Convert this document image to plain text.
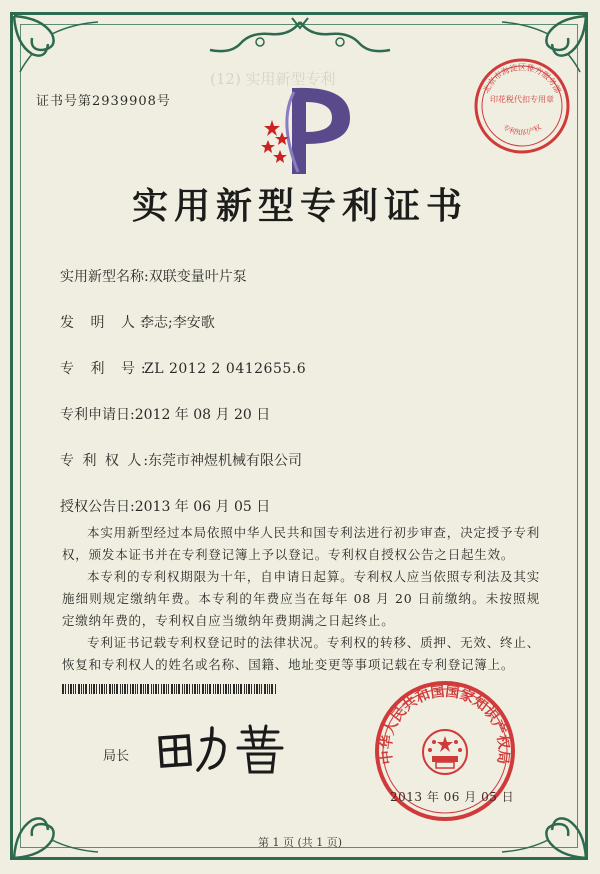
(12) 实用新型专利
证书号第2939908号
北京市海淀区雅方服务部
印花税代扣专用章
专利知识产权
实用新型专利证书
实用新型名称:双联变量叶片泵
发 明 人:李志;李安歌
专 利 号:ZL 2012 2 0412655.6
专利申请日:2012 年 08 月 20 日
专 利 权 人:东莞市神煜机械有限公司
授权公告日:2013 年 06 月 05 日

本实用新型经过本局依照中华人民共和国专利法进行初步审查，决定授予专利权，颁发本证书并在专利登记簿上予以登记。专利权自授权公告之日起生效。

本专利的专利权期限为十年，自申请日起算。专利权人应当依照专利法及其实施细则规定缴纳年费。本专利的年费应当在每年 08 月 20 日前缴纳。未按照规定缴纳年费的，专利权自应当缴纳年费期满之日起终止。

专利证书记载专利权登记时的法律状况。专利权的转移、质押、无效、终止、恢复和专利权人的姓名或名称、国籍、地址变更等事项记载在专利登记簿上。

局长	中华人民共和国国家知识产权局
2013 年 06 月 05 日
第 1 页 (共 1 页)
